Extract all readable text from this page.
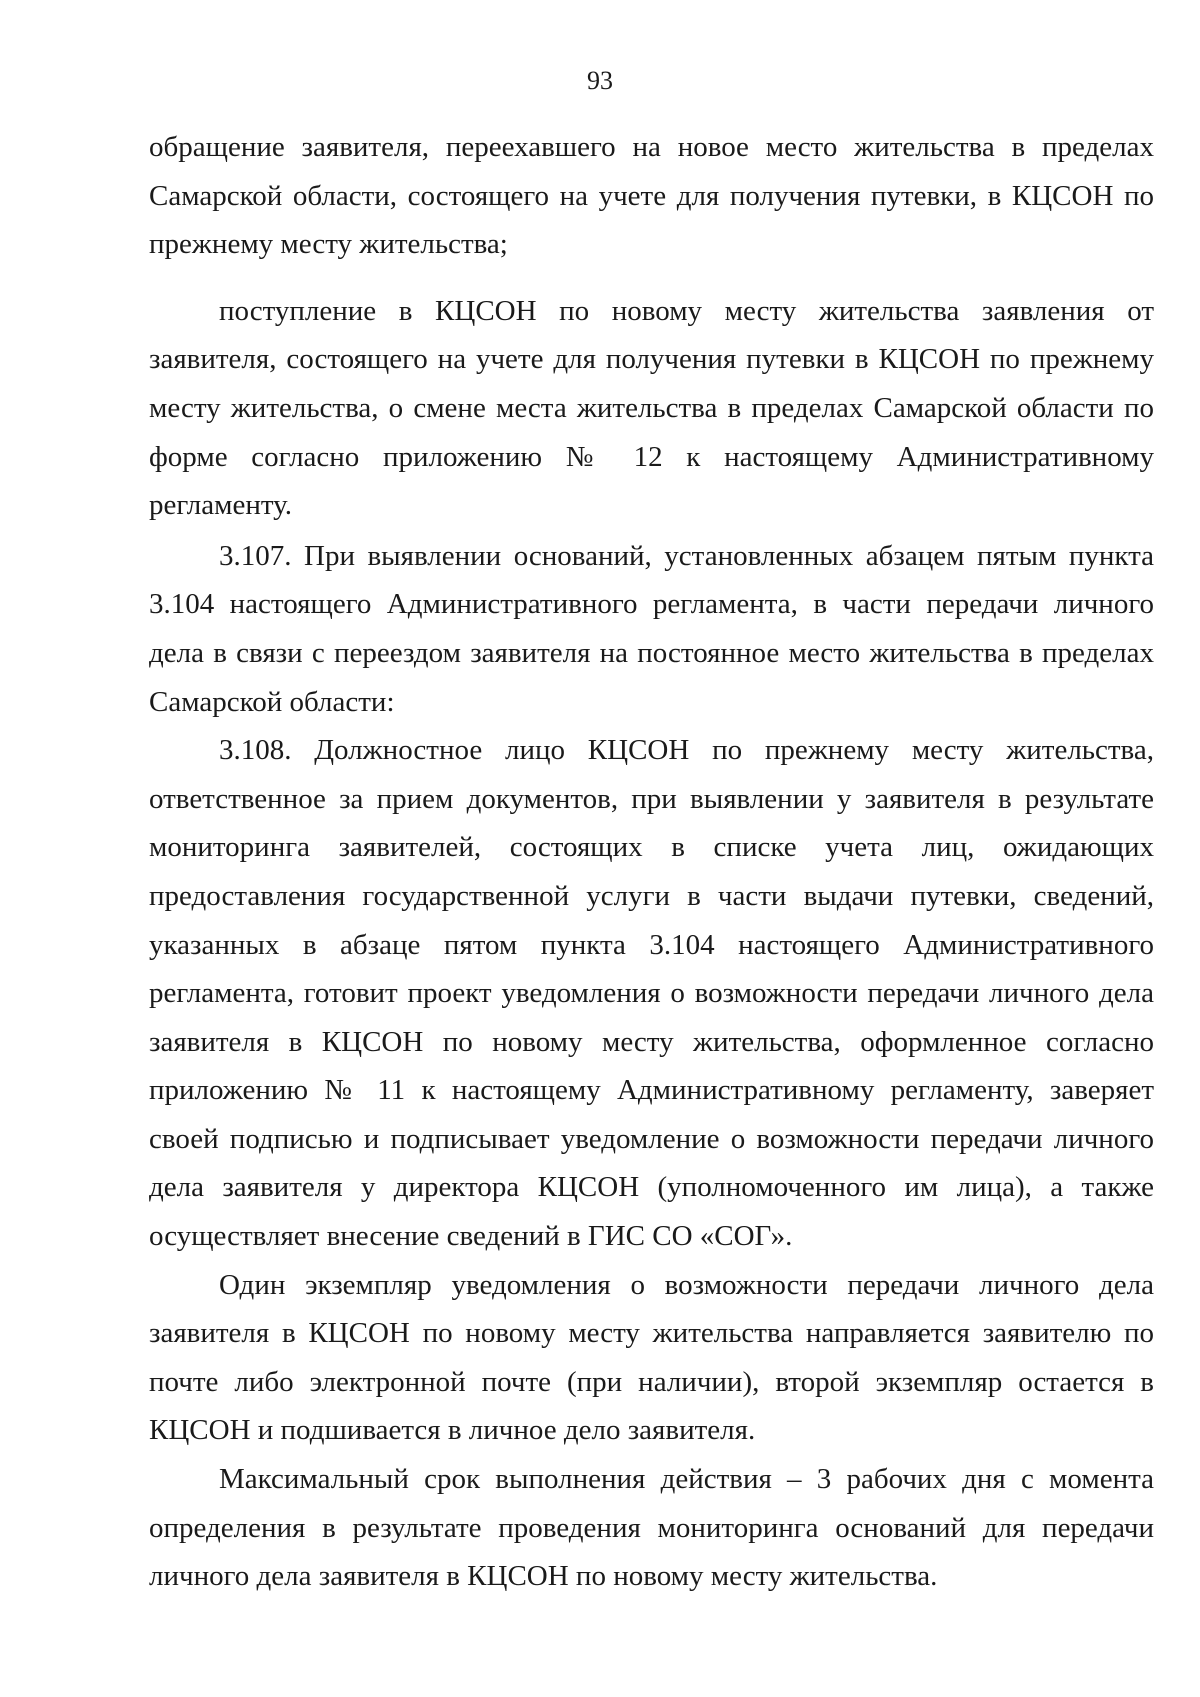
93

обращение заявителя, переехавшего на новое место жительства в пределах Самарской области, состоящего на учете для получения путевки, в КЦСОН по прежнему месту жительства;

поступление в КЦСОН по новому месту жительства заявления от заявителя, состоящего на учете для получения путевки в КЦСОН по прежнему месту жительства, о смене места жительства в пределах Самарской области по форме согласно приложению № 12 к настоящему Административному регламенту.

3.107. При выявлении оснований, установленных абзацем пятым пункта 3.104 настоящего Административного регламента, в части передачи личного дела в связи с переездом заявителя на постоянное место жительства в пределах Самарской области:

3.108. Должностное лицо КЦСОН по прежнему месту жительства, ответственное за прием документов, при выявлении у заявителя в результате мониторинга заявителей, состоящих в списке учета лиц, ожидающих предоставления государственной услуги в части выдачи путевки, сведений, указанных в абзаце пятом пункта 3.104 настоящего Административного регламента, готовит проект уведомления о возможности передачи личного дела заявителя в КЦСОН по новому месту жительства, оформленное согласно приложению № 11 к настоящему Административному регламенту, заверяет своей подписью и подписывает уведомление о возможности передачи личного дела заявителя у директора КЦСОН (уполномоченного им лица), а также осуществляет внесение сведений в ГИС СО «СОГ».

Один экземпляр уведомления о возможности передачи личного дела заявителя в КЦСОН по новому месту жительства направляется заявителю по почте либо электронной почте (при наличии), второй экземпляр остается в КЦСОН и подшивается в личное дело заявителя.

Максимальный срок выполнения действия – 3 рабочих дня с момента определения в результате проведения мониторинга оснований для передачи личного дела заявителя в КЦСОН по новому месту жительства.
